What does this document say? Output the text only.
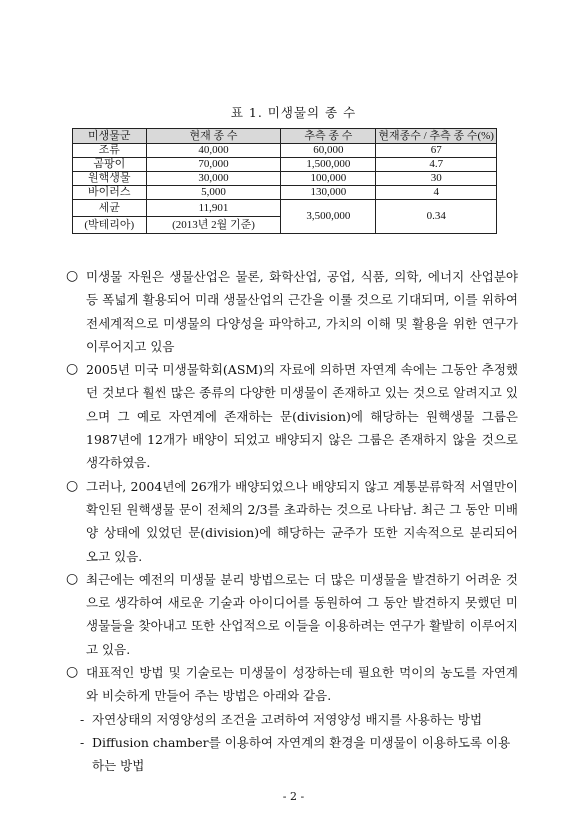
표 1. 미생물의 종 수
미생물군	현재 종 수	추측 종 수	현재종수 / 추측 종 수(%)
조류	40,000	60,000	67
곰팡이	70,000	1,500,000	4.7
원핵생물	30,000	100,000	30
바이러스	5,000	130,000	4
세균	11,901	3,500,000	0.34
(박테리아)	(2013년 2월 기준)		
○ 미생물 자원은 생물산업은 물론, 화학산업, 공업, 식품, 의학, 에너지 산업분야 등 폭넓게 활용되어 미래 생물산업의 근간을 이룰 것으로 기대되며, 이를 위하여 전세계적으로 미생물의 다양성을 파악하고, 가치의 이해 및 활용을 위한 연구가 이루어지고 있음
○ 2005년 미국 미생물학회(ASM)의 자료에 의하면 자연계 속에는 그동안 추정했던 것보다 훨씬 많은 종류의 다양한 미생물이 존재하고 있는 것으로 알려지고 있으며 그 예로 자연계에 존재하는 문(division)에 해당하는 원핵생물 그룹은 1987년에 12개가 배양이 되었고 배양되지 않은 그룹은 존재하지 않을 것으로 생각하였음.
○ 그러나, 2004년에 26개가 배양되었으나 배양되지 않고 계통분류학적 서열만이 확인된 원핵생물 문이 전체의 2/3를 초과하는 것으로 나타남. 최근 그 동안 미배양 상태에 있었던 문(division)에 해당하는 균주가 또한 지속적으로 분리되어 오고 있음.
○ 최근에는 예전의 미생물 분리 방법으로는 더 많은 미생물을 발견하기 어려운 것으로 생각하여 새로운 기술과 아이디어를 동원하여 그 동안 발견하지 못했던 미생물들을 찾아내고 또한 산업적으로 이들을 이용하려는 연구가 활발히 이루어지고 있음.
○ 대표적인 방법 및 기술로는 미생물이 성장하는데 필요한 먹이의 농도를 자연계와 비슷하게 만들어 주는 방법은 아래와 같음.
- 자연상태의 저영양성의 조건을 고려하여 저영양성 배지를 사용하는 방법
- Diffusion chamber를 이용하여 자연계의 환경을 미생물이 이용하도록 이용하는 방법
- 2 -
